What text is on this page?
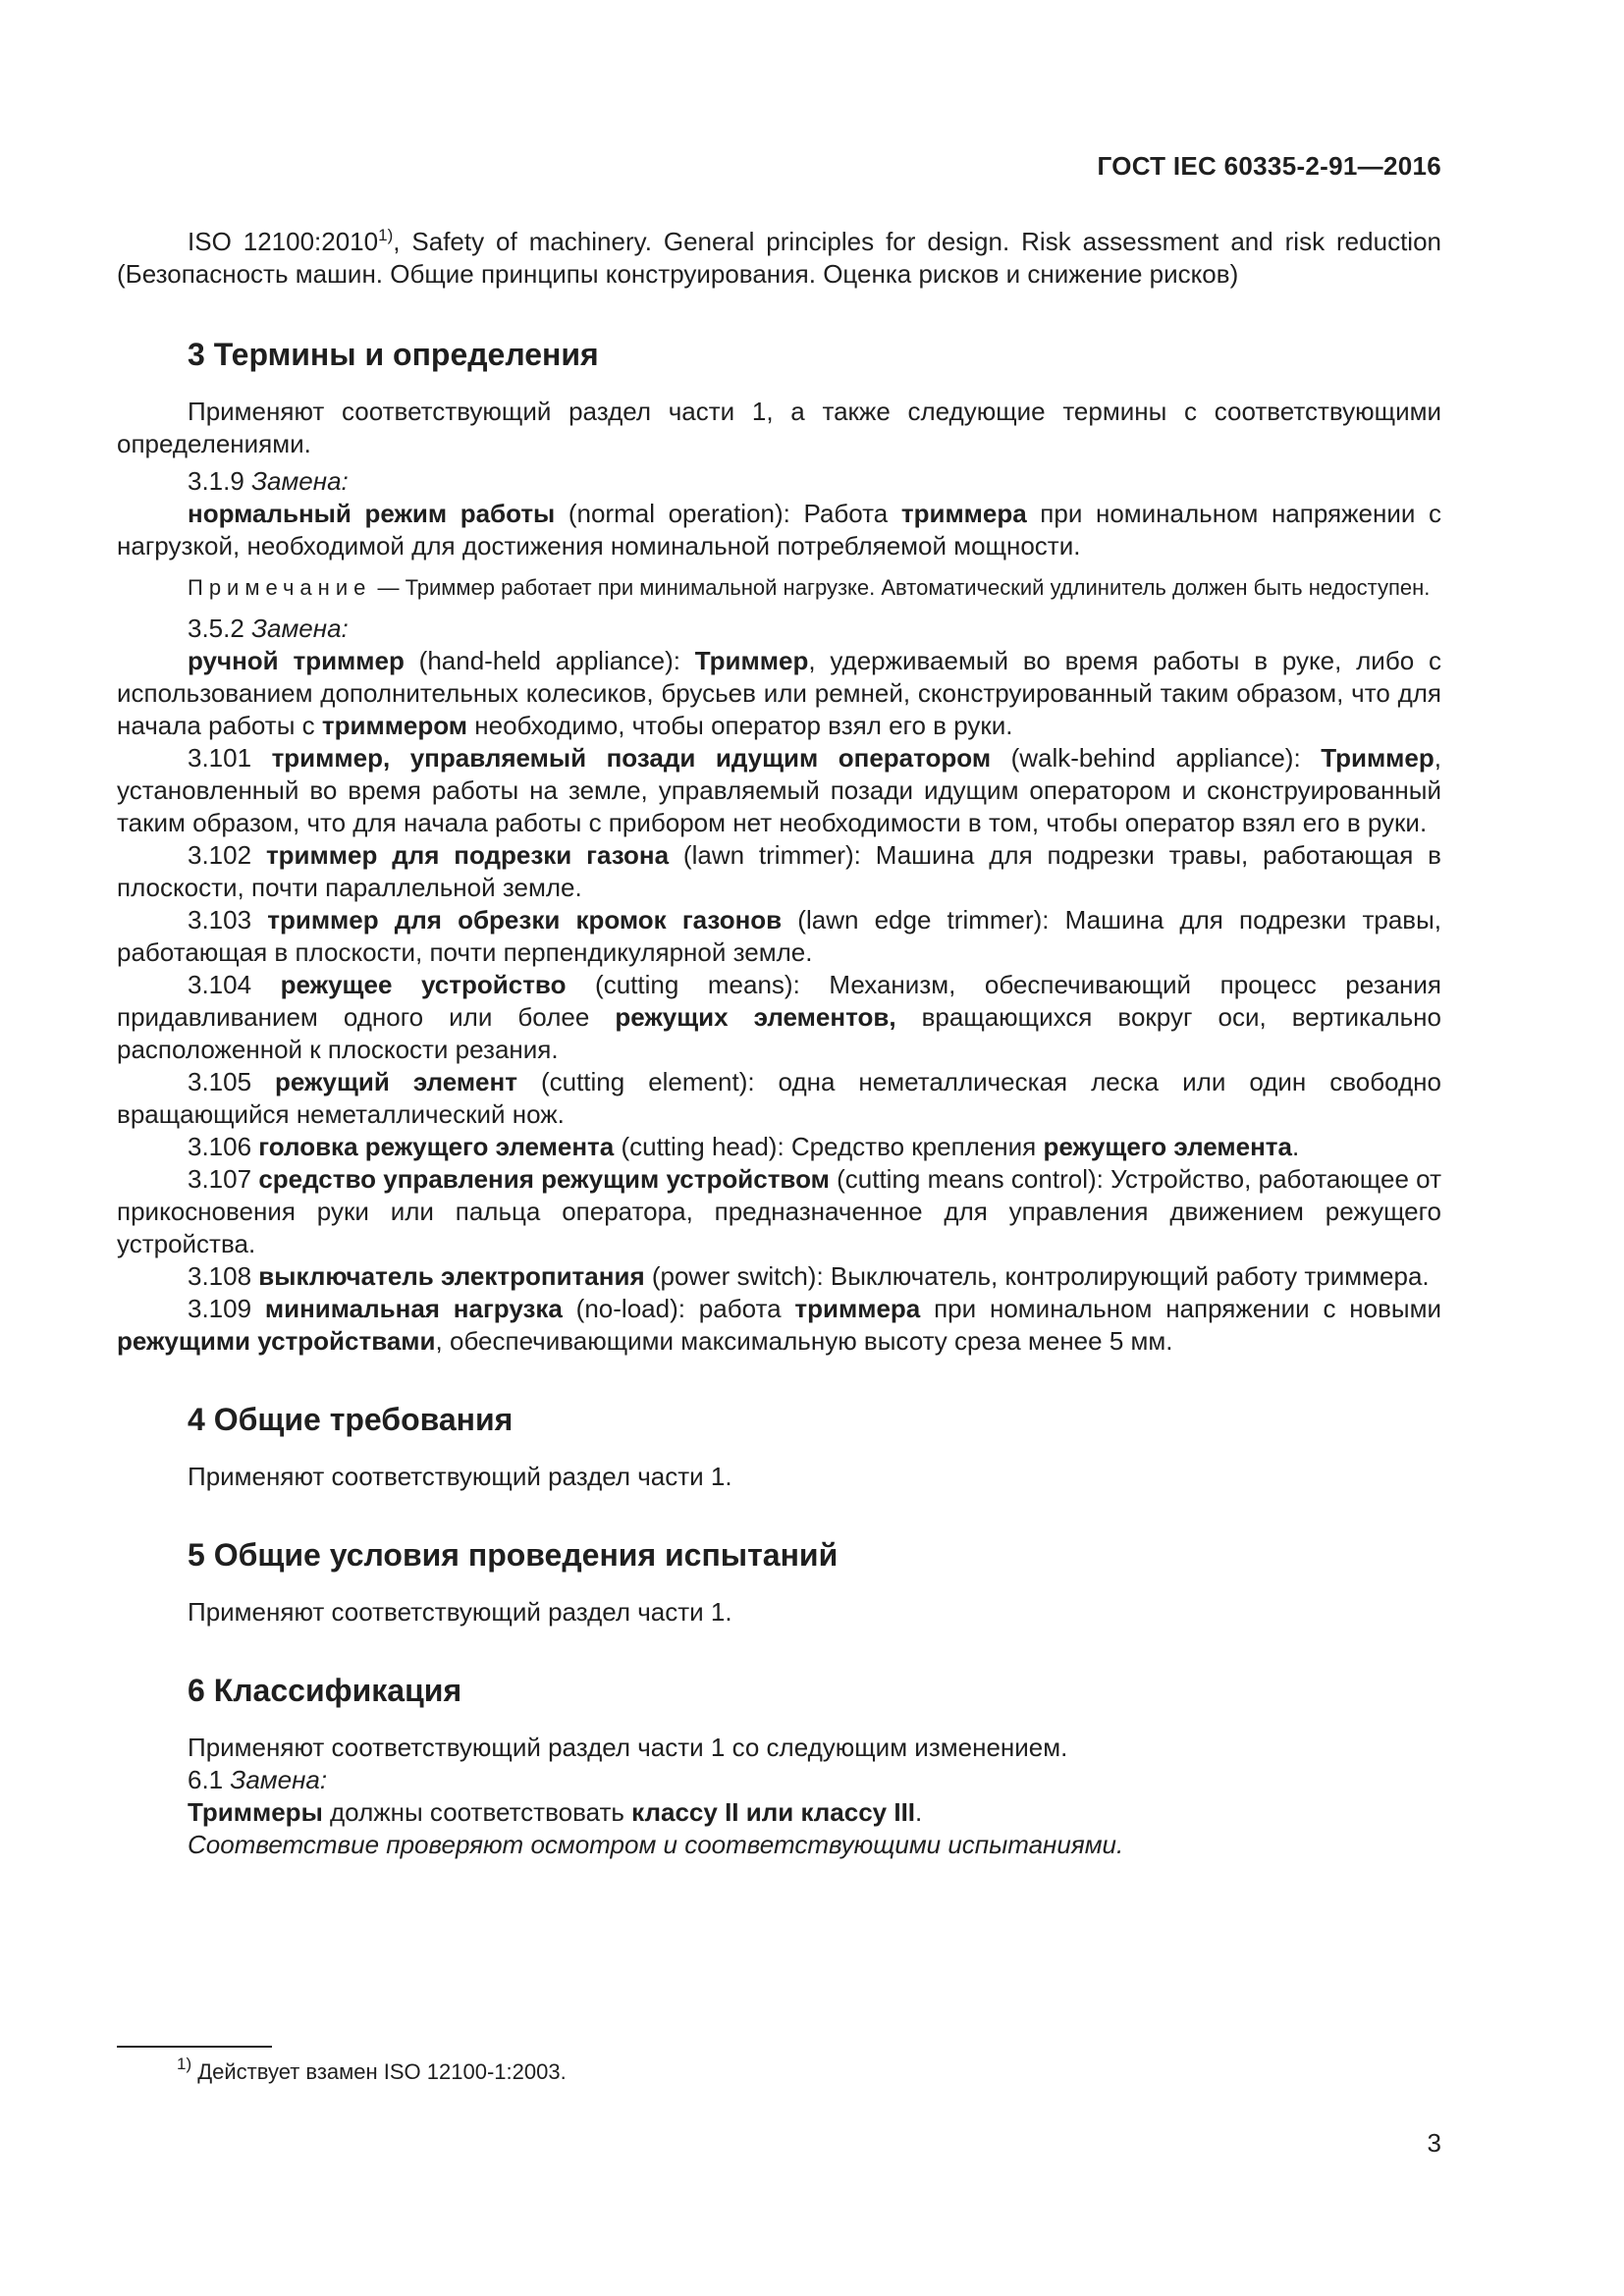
ГОСТ IEC 60335-2-91—2016

ISO 12100:2010$^{1)}$, Safety of machinery. General principles for design. Risk assessment and risk reduction (Безопасность машин. Общие принципы конструирования. Оценка рисков и снижение рисков)

3 Термины и определения

Применяют соответствующий раздел части 1, а также следующие термины с соответствующими определениями.

3.1.9 Замена:

нормальный режим работы (normal operation): Работа триммера при номинальном напряжении с нагрузкой, необходимой для достижения номинальной потребляемой мощности.

Примечание — Триммер работает при минимальной нагрузке. Автоматический удлинитель должен быть недоступен.

3.5.2 Замена:

ручной триммер (hand-held appliance): Триммер, удерживаемый во время работы в руке, либо с использованием дополнительных колесиков, брусьев или ремней, сконструированный таким образом, что для начала работы с триммером необходимо, чтобы оператор взял его в руки.

3.101 триммер, управляемый позади идущим оператором (walk-behind appliance): Триммер, установленный во время работы на земле, управляемый позади идущим оператором и сконструированный таким образом, что для начала работы с прибором нет необходимости в том, чтобы оператор взял его в руки.

3.102 триммер для подрезки газона (lawn trimmer): Машина для подрезки травы, работающая в плоскости, почти параллельной земле.

3.103 триммер для обрезки кромок газонов (lawn edge trimmer): Машина для подрезки травы, работающая в плоскости, почти перпендикулярной земле.

3.104 режущее устройство (cutting means): Механизм, обеспечивающий процесс резания придавливанием одного или более режущих элементов, вращающихся вокруг оси, вертикально расположенной к плоскости резания.

3.105 режущий элемент (cutting element): одна неметаллическая леска или один свободно вращающийся неметаллический нож.

3.106 головка режущего элемента (cutting head): Средство крепления режущего элемента.

3.107 средство управления режущим устройством (cutting means control): Устройство, работающее от прикосновения руки или пальца оператора, предназначенное для управления движением режущего устройства.

3.108 выключатель электропитания (power switch): Выключатель, контролирующий работу триммера.

3.109 минимальная нагрузка (no-load): работа триммера при номинальном напряжении с новыми режущими устройствами, обеспечивающими максимальную высоту среза менее 5 мм.

4 Общие требования

Применяют соответствующий раздел части 1.

5 Общие условия проведения испытаний

Применяют соответствующий раздел части 1.

6 Классификация

Применяют соответствующий раздел части 1 со следующим изменением.

6.1 Замена:

Триммеры должны соответствовать классу II или классу III.

Соответствие проверяют осмотром и соответствующими испытаниями.

$^{1)}$ Действует взамен ISO 12100-1:2003.
3
